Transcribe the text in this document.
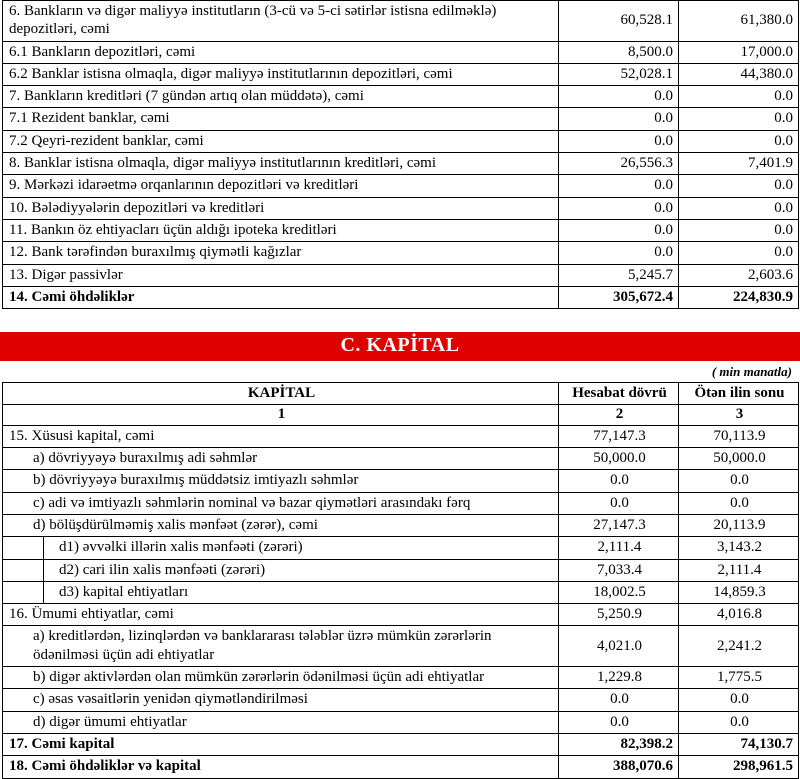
6. Bankların və digər maliyyə institutların (3-cü və 5-ci sətirlər istisna edilməklə) depozitləri, cəmi	60,528.1	61,380.0
6.1 Bankların depozitləri, cəmi	8,500.0	17,000.0
6.2 Banklar istisna olmaqla, digər maliyyə institutlarının depozitləri, cəmi	52,028.1	44,380.0
7. Bankların kreditləri (7 gündən artıq olan müddətə), cəmi	0.0	0.0
7.1 Rezident banklar, cəmi	0.0	0.0
7.2 Qeyri-rezident banklar, cəmi	0.0	0.0
8. Banklar istisna olmaqla, digər maliyyə institutlarının kreditləri, cəmi	26,556.3	7,401.9
9. Mərkəzi idarəetmə orqanlarının depozitləri və kreditləri	0.0	0.0
10. Bələdiyyələrin depozitləri və kreditləri	0.0	0.0
11. Bankın öz ehtiyacları üçün aldığı ipoteka kreditləri	0.0	0.0
12. Bank tərəfindən buraxılmış qiymətli kağızlar	0.0	0.0
13. Digər passivlər	5,245.7	2,603.6
14. Cəmi öhdəliklər	305,672.4	224,830.9
C. KAPİTAL
( min manatla)
KAPİTAL	Hesabat dövrü	Ötən ilin sonu
1	2	3
15. Xüsusi kapital, cəmi	77,147.3	70,113.9
a) dövriyyəyə buraxılmış adi səhmlər	50,000.0	50,000.0
b) dövriyyəyə buraxılmış müddətsiz imtiyazlı səhmlər	0.0	0.0
c) adi və imtiyazlı səhmlərin nominal və bazar qiymətləri arasındakı fərq	0.0	0.0
d) bölüşdürülməmiş xalis mənfəət (zərər), cəmi	27,147.3	20,113.9
d1) əvvəlki illərin xalis mənfəəti (zərəri)	2,111.4	3,143.2
d2) cari ilin xalis mənfəəti (zərəri)	7,033.4	2,111.4
d3) kapital ehtiyatları	18,002.5	14,859.3
16. Ümumi ehtiyatlar, cəmi	5,250.9	4,016.8
a) kreditlərdən, lizinqlərdən və banklararası tələblər üzrə mümkün zərərlərin ödənilməsi üçün adi ehtiyatlar	4,021.0	2,241.2
b) digər aktivlərdən olan mümkün zərərlərin ödənilməsi üçün adi ehtiyatlar	1,229.8	1,775.5
c) əsas vəsaitlərin yenidən qiymətləndirilməsi	0.0	0.0
d) digər ümumi ehtiyatlar	0.0	0.0
17. Cəmi kapital	82,398.2	74,130.7
18. Cəmi öhdəliklər və kapital	388,070.6	298,961.5
